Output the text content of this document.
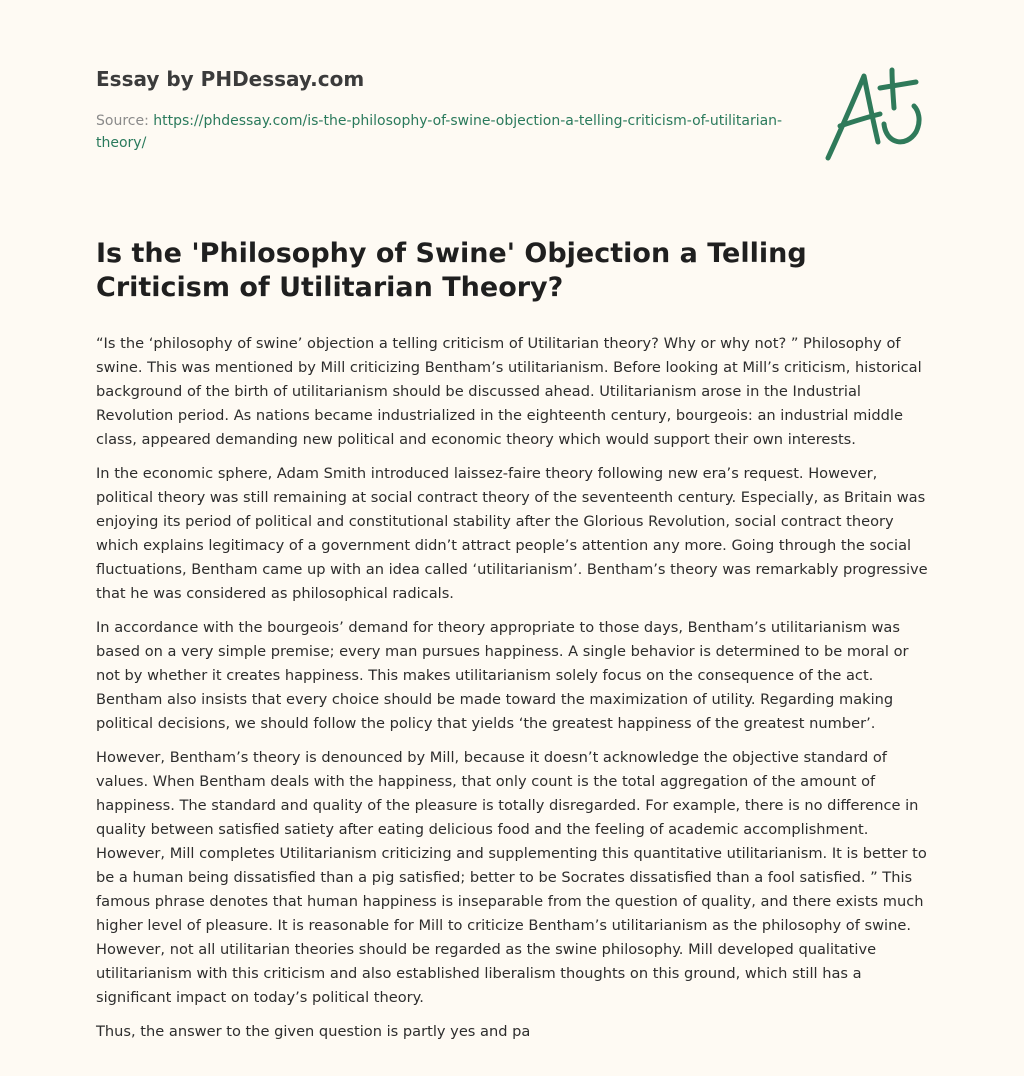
Essay by PHDessay.com
Source: https://phdessay.com/is-the-philosophy-of-swine-objection-a-telling-criticism-of-utilitarian-theory/
Is the 'Philosophy of Swine' Objection a Telling Criticism of Utilitarian Theory?

“Is the ‘philosophy of swine’ objection a telling criticism of Utilitarian theory? Why or why not? ” Philosophy of swine. This was mentioned by Mill criticizing Bentham’s utilitarianism. Before looking at Mill’s criticism, historical background of the birth of utilitarianism should be discussed ahead. Utilitarianism arose in the Industrial Revolution period. As nations became industrialized in the eighteenth century, bourgeois: an industrial middle class, appeared demanding new political and economic theory which would support their own interests.

In the economic sphere, Adam Smith introduced laissez-faire theory following new era’s request. However, political theory was still remaining at social contract theory of the seventeenth century. Especially, as Britain was enjoying its period of political and constitutional stability after the Glorious Revolution, social contract theory which explains legitimacy of a government didn’t attract people’s attention any more. Going through the social fluctuations, Bentham came up with an idea called ‘utilitarianism’. Bentham’s theory was remarkably progressive that he was considered as philosophical radicals.

In accordance with the bourgeois’ demand for theory appropriate to those days, Bentham’s utilitarianism was based on a very simple premise; every man pursues happiness. A single behavior is determined to be moral or not by whether it creates happiness. This makes utilitarianism solely focus on the consequence of the act. Bentham also insists that every choice should be made toward the maximization of utility. Regarding making political decisions, we should follow the policy that yields ‘the greatest happiness of the greatest number’.

However, Bentham’s theory is denounced by Mill, because it doesn’t acknowledge the objective standard of values. When Bentham deals with the happiness, that only count is the total aggregation of the amount of happiness. The standard and quality of the pleasure is totally disregarded. For example, there is no difference in quality between satisfied satiety after eating delicious food and the feeling of academic accomplishment. However, Mill completes Utilitarianism criticizing and supplementing this quantitative utilitarianism. It is better to be a human being dissatisfied than a pig satisfied; better to be Socrates dissatisfied than a fool satisfied. ” This famous phrase denotes that human happiness is inseparable from the question of quality, and there exists much higher level of pleasure. It is reasonable for Mill to criticize Bentham’s utilitarianism as the philosophy of swine. However, not all utilitarian theories should be regarded as the swine philosophy. Mill developed qualitative utilitarianism with this criticism and also established liberalism thoughts on this ground, which still has a significant impact on today’s political theory.

Thus, the answer to the given question is partly yes and pa
